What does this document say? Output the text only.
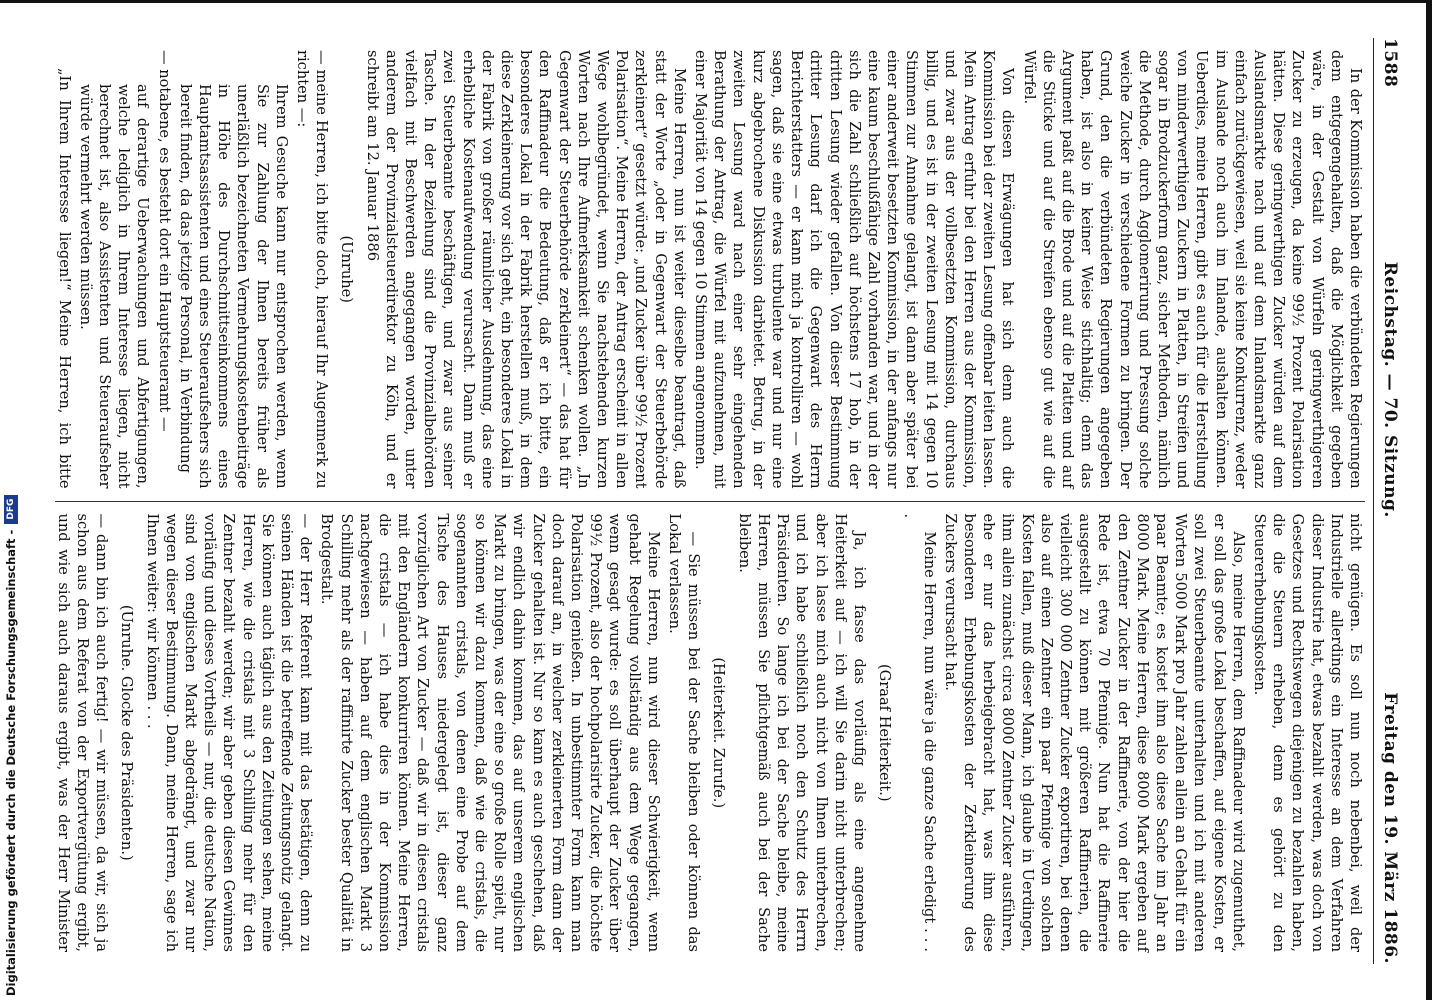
1588
Reichstag. — 70. Sitzung.
Freitag den 19. März 1886.

In der Kommission haben die verbündeten Regierungen dem entgegengehalten, daß die Möglichkeit gegeben wäre, in der Gestalt von Würfeln geringwerthigeren Zucker zu erzeugen, da keine 99½ Prozent Polarisation hätten. Diese geringwerthigen Zucker würden auf dem Auslandsmarkte nach und auf dem Inlandsmarkte ganz einfach zurückgewiesen, weil sie keine Konkurrenz, weder im Auslande noch auch im Inlande, aushalten können. Ueberdies, meine Herren, gibt es auch für die Herstellung von minderwerthigen Zuckern in Platten, in Streifen und sogar in Brodzuckerform ganz, sicher Methoden, nämlich die Methode, durch Agglomerirung und Pressung solche weiche Zucker in verschiedene Formen zu bringen. Der Grund, den die verbündeten Regierungen angegeben haben, ist also in keiner Weise stichhaltig; denn das Argument paßt auf die Brode und auf die Platten und auf die Stücke und auf die Streifen ebenso gut wie auf die Würfel.

Von diesen Erwägungen hat sich denn auch die Kommission bei der zweiten Lesung offenbar leiten lassen. Mein Antrag erfuhr bei den Herren aus der Kommission, und zwar aus der vollbesetzten Kommission, durchaus billig, und es ist in der zweiten Lesung mit 14 gegen 10 Stimmen zur Annahme gelangt, ist dann aber später bei einer anderweit besetzten Kommission, in der anfangs nur eine kaum beschlußfähige Zahl vorhanden war, und in der sich die Zahl schließlich auf höchstens 17 hob, in der dritten Lesung wieder gefallen. Von dieser Bestimmung dritter Lesung darf ich die Gegenwart des Herrn Berichterstatters — er kann mich ja kontrolliren — wohl sagen, daß sie eine etwas turbulente war und nur eine kurz abgebrochene Diskussion darbietet. Betrug, in der zweiten Lesung ward nach einer sehr eingehenden Berathung der Antrag, die Würfel mit aufzunehmen, mit einer Majorität von 14 gegen 10 Stimmen angenommen.

Meine Herren, nun ist weiter dieselbe beantragt, daß statt der Worte „oder in Gegenwart der Steuerbehörde zerkleinert“ gesetzt würde: „und Zucker über 99½ Prozent Polarisation“. Meine Herren, der Antrag erscheint in allen Wege wohlbegründet, wenn Sie nachstehenden kurzen Worten nach Ihre Aufmerksamkeit schenken wollen. „In Gegenwart der Steuerbehörde zerkleinert“ — das hat für den Raffinadeur die Bedeutung, daß er ich bitte, ein besonderes Lokal in der Fabrik herstellen muß, in dem diese Zerkleinerung vor sich geht, ein besonderes Lokal in der Fabrik von großer räumlicher Ausdehnung, das eine erhebliche Kostenaufwendung verursacht. Dann muß er zwei Steuerbeamte beschäftigen, und zwar aus seiner Tasche. In der Beziehung sind die Provinzialbehörden vielfach mit Beschwerden angegangen worden, unter anderem der Provinzialsteuerdirektor zu Köln, und er schreibt am 12. Januar 1886

(Unruhe)

— meine Herren, ich bitte doch, hierauf Ihr Augenmerk zu richten —:

Ihrem Gesuche kann nur entsprochen werden, wenn Sie zur Zahlung der Ihnen bereits früher als unerläßlich bezeichneten Vermehrungskostenbeiträge in Höhe des Durchschnittseinkommens eines Hauptamtsassistenten und eines Steueraufsehers sich bereit finden, da das jetzige Personal, in Verbindung

— notabene, es besteht dort ein Hauptsteueramt —

auf derartige Ueberwachungen und Abfertigungen, welche lediglich in Ihrem Interesse liegen, nicht berechnet ist, also Assistenten und Steueraufseher würde vermehrt werden müssen.

„In Ihrem Interesse liegen!“ Meine Herren, ich bitte

nicht genügen. Es soll nun noch nebenbei, weil der Industrielle allerdings ein Interesse an dem Verfahren dieser Industrie hat, etwas bezahlt werden, was doch von Gesetzes und Rechtswegen diejenigen zu bezahlen haben, die die Steuern erheben, denn es gehört zu den Steuererhebungskosten.

Also, meine Herren, dem Raffinadeur wird zugemuthet, er soll das große Lokal beschaffen, auf eigene Kosten, er soll zwei Steuerbeamte unterhalten und ich mit anderen Worten 5000 Mark pro Jahr zahlen allein an Gehalt für ein paar Beamte; es kostet ihm also diese Sache im Jahr an 8000 Mark. Meine Herren, diese 8000 Mark ergeben auf den Zentner Zucker in der Raffinerie, von der hier die Rede ist, etwa 70 Pfennige. Nun hat die Raffinerie ausgestellt zu können mit größeren Raffinerien, die vielleicht 300 000 Zentner Zucker exportiren, bei denen also auf einen Zentner ein paar Pfennige von solchen Kosten fallen, muß dieser Mann, ich glaube in Uerdingen, ihm allein zunächst circa 8000 Zentner Zucker ausführen, ehe er nur das herbeigebracht hat, was ihm diese besonderen Erhebungskosten der Zerkleinerung des Zuckers verursacht hat.

Meine Herren, nun wäre ja die ganze Sache erledigt . . . .

(Graaf Heiterkeit.)

Ja, ich fasse das vorläufig als eine angenehme Heiterkeit auf — ich will Sie darin nicht unterbrechen; aber ich lasse mich auch nicht von Ihnen unterbrechen, und ich habe schließlich noch den Schutz des Herrn Präsidenten. So lange ich bei der Sache bleibe, meine Herren, müssen Sie pflichtgemäß auch bei der Sache bleiben.

(Heiterkeit. Zurufe.)

— Sie müssen bei der Sache bleiben oder können das Lokal verlassen.

Meine Herren, nun wird dieser Schwierigkeit, wenn gehabt Regelung vollständig aus dem Wege gegangen, wenn gesagt wurde: es soll überhaupt der Zucker über 99½ Prozent, also der hochpolarisirte Zucker, die höchste Polarisation genießen. In unbestimmter Form kann man doch darauf an, in welcher zerkleinerten Form dann der Zucker gehalten ist. Nur so kann es auch geschehen, daß wir endlich dahin kommen, das auf unserem englischen Markt zu bringen, was der eine so große Rolle spielt, nur so können wir dazu kommen, daß wie die cristals, die sogenannten cristals, von denen eine Probe auf dem Tische des Hauses niedergelegt ist, dieser ganz vorzüglichen Art von Zucker — daß wir in diesen cristals mit den Engländern konkurriren können. Meine Herren, die cristals — ich habe dies in der Kommission nachgewiesen — haben auf dem englischen Markt 3 Schilling mehr als der raffinirte Zucker bester Qualität in Brodgestalt.

— der Herr Referent kann mit das bestätigen, denn zu seinen Händen ist die betreffende Zeitungsnotiz gelangt. Sie können auch täglich aus den Zeitungen sehen, meine Herren, wie die cristals mit 3 Schilling mehr für den Zentner bezahlt werden; wir aber geben diesen Gewinnes vorläufig und dieses Vortheils — nur, die deutsche Nation, sind von englischen Markt abgedrängt, und zwar nur wegen dieser Bestimmung. Dann, meine Herren, sage ich Ihnen weiter: wir können . . .

(Unruhe. Glocke des Präsidenten.)

— dann bin ich auch fertig! — wir müssen, da wir, sich ja schon aus dem Referat von der Exportvergütung ergibt, und wie sich auch daraus ergibt, was der Herr Minister

Digitalisierung gefördert durch die Deutsche Forschungsgemeinschaft -
DFG
